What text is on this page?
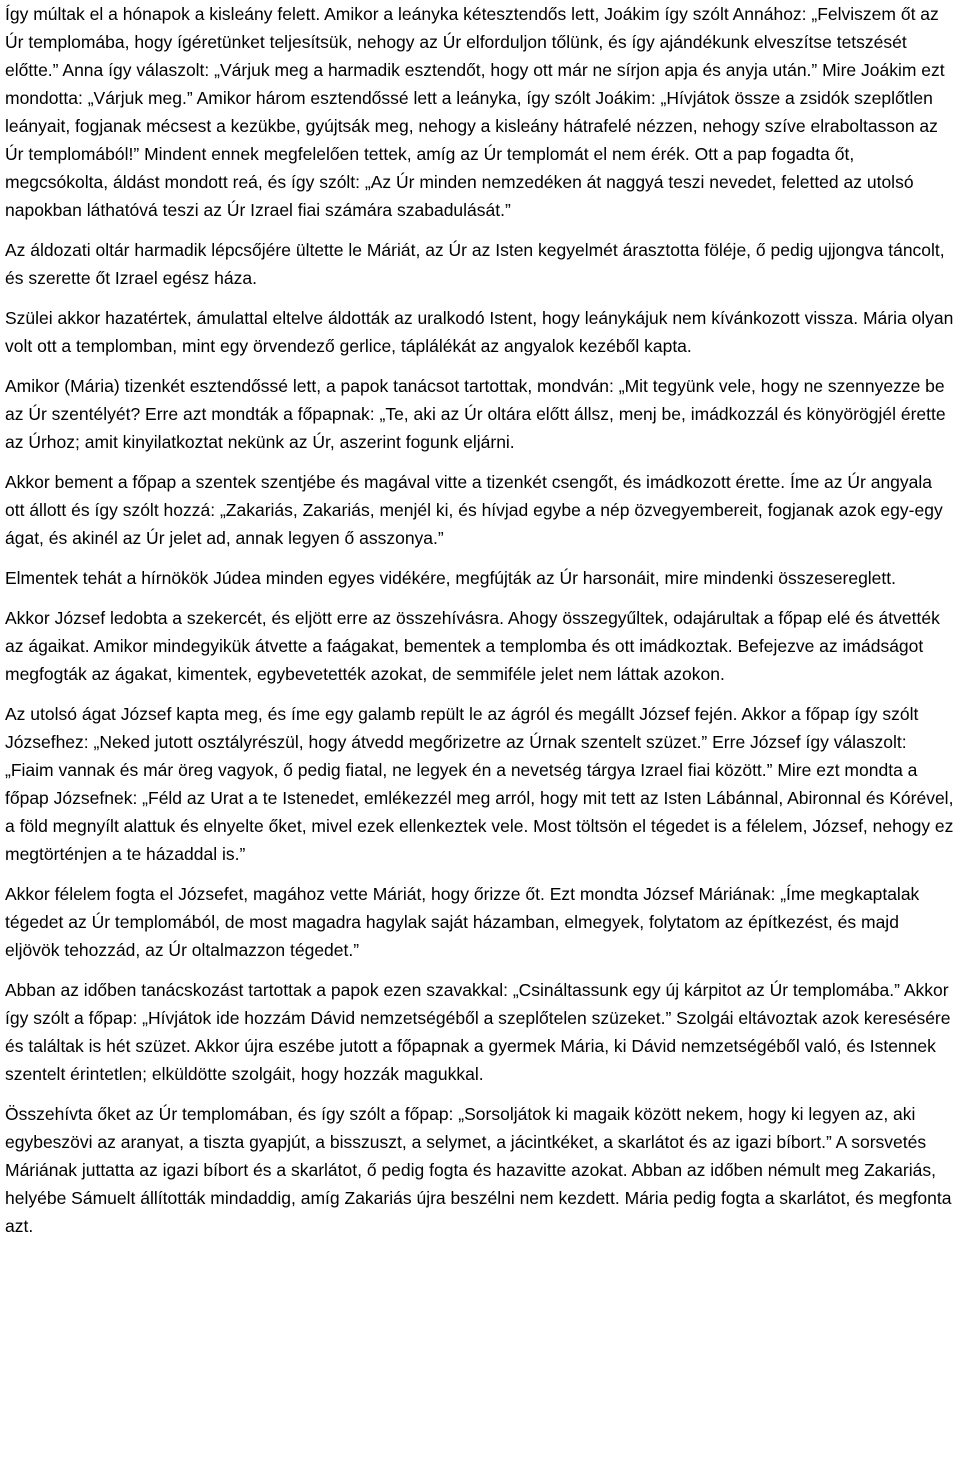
Így múltak el a hónapok a kisleány felett. Amikor a leányka kétesztendős lett, Joákim így szólt Annához: „Felviszem őt az Úr templomába, hogy ígéretünket teljesítsük, nehogy az Úr elforduljon tőlünk, és így ajándékunk elveszítse tetszését előtte.” Anna így válaszolt: „Várjuk meg a harmadik esztendőt, hogy ott már ne sírjon apja és anyja után.” Mire Joákim ezt mondotta: „Várjuk meg.” Amikor három esztendőssé lett a leányka, így szólt Joákim: „Hívjátok össze a zsidók szeplőtlen leányait, fogjanak mécsest a kezükbe, gyújtsák meg, nehogy a kisleány hátrafelé nézzen, nehogy szíve elraboltasson az Úr templomából!” Mindent ennek megfelelően tettek, amíg az Úr templomát el nem érék. Ott a pap fogadta őt, megcsókolta, áldást mondott reá, és így szólt: „Az Úr minden nemzedéken át naggyá teszi nevedet, feletted az utolsó napokban láthatóvá teszi az Úr Izrael fiai számára szabadulását.”

Az áldozati oltár harmadik lépcsőjére ültette le Máriát, az Úr az Isten kegyelmét árasztotta föléje, ő pedig ujjongva táncolt, és szerette őt Izrael egész háza.

Szülei akkor hazatértek, ámulattal eltelve áldották az uralkodó Istent, hogy leánykájuk nem kívánkozott vissza. Mária olyan volt ott a templomban, mint egy örvendező gerlice, táplálékát az angyalok kezéből kapta.

Amikor (Mária) tizenkét esztendőssé lett, a papok tanácsot tartottak, mondván: „Mit tegyünk vele, hogy ne szennyezze be az Úr szentélyét? Erre azt mondták a főpapnak: „Te, aki az Úr oltára előtt állsz, menj be, imádkozzál és könyörögjél érette az Úrhoz; amit kinyilatkoztat nekünk az Úr, aszerint fogunk eljárni.

Akkor bement a főpap a szentek szentjébe és magával vitte a tizenkét csengőt, és imádkozott érette. Íme az Úr angyala ott állott és így szólt hozzá: „Zakariás, Zakariás, menjél ki, és hívjad egybe a nép özvegyembereit, fogjanak azok egy-egy ágat, és akinél az Úr jelet ad, annak legyen ő asszonya.”

Elmentek tehát a hírnökök Júdea minden egyes vidékére, megfújták az Úr harsonáit, mire mindenki összesereglett.

Akkor József ledobta a szekercét, és eljött erre az összehívásra. Ahogy összegyűltek, odajárultak a főpap elé és átvették az ágaikat. Amikor mindegyikük átvette a faágakat, bementek a templomba és ott imádkoztak. Befejezve az imádságot megfogták az ágakat, kimentek, egybevetették azokat, de semmiféle jelet nem láttak azokon.

Az utolsó ágat József kapta meg, és íme egy galamb repült le az ágról és megállt József fején. Akkor a főpap így szólt Józsefhez: „Neked jutott osztályrészül, hogy átvedd megőrizetre az Úrnak szentelt szüzet.” Erre József így válaszolt: „Fiaim vannak és már öreg vagyok, ő pedig fiatal, ne legyek én a nevetség tárgya Izrael fiai között.” Mire ezt mondta a főpap Józsefnek: „Féld az Urat a te Istenedet, emlékezzél meg arról, hogy mit tett az Isten Lábánnal, Abironnal és Kórével, a föld megnyílt alattuk és elnyelte őket, mivel ezek ellenkeztek vele. Most töltsön el tégedet is a félelem, József, nehogy ez megtörténjen a te házaddal is.”

Akkor félelem fogta el Józsefet, magához vette Máriát, hogy őrizze őt. Ezt mondta József Máriának: „Íme megkaptalak tégedet az Úr templomából, de most magadra hagylak saját házamban, elmegyek, folytatom az építkezést, és majd eljövök tehozzád, az Úr oltalmazzon tégedet.”

Abban az időben tanácskozást tartottak a papok ezen szavakkal: „Csináltassunk egy új kárpitot az Úr templomába.” Akkor így szólt a főpap: „Hívjátok ide hozzám Dávid nemzetségéből a szeplőtelen szüzeket.” Szolgái eltávoztak azok keresésére és találtak is hét szüzet. Akkor újra eszébe jutott a főpapnak a gyermek Mária, ki Dávid nemzetségéből való, és Istennek szentelt érintetlen; elküldötte szolgáit, hogy hozzák magukkal.

Összehívta őket az Úr templomában, és így szólt a főpap: „Sorsoljátok ki magaik között nekem, hogy ki legyen az, aki egybeszövi az aranyat, a tiszta gyapjút, a bisszuszt, a selymet, a jácintkéket, a skarlátot és az igazi bíbort.” A sorsvetés Máriának juttatta az igazi bíbort és a skarlátot, ő pedig fogta és hazavitte azokat. Abban az időben némult meg Zakariás, helyébe Sámuelt állították mindaddig, amíg Zakariás újra beszélni nem kezdett. Mária pedig fogta a skarlátot, és megfonta azt.
